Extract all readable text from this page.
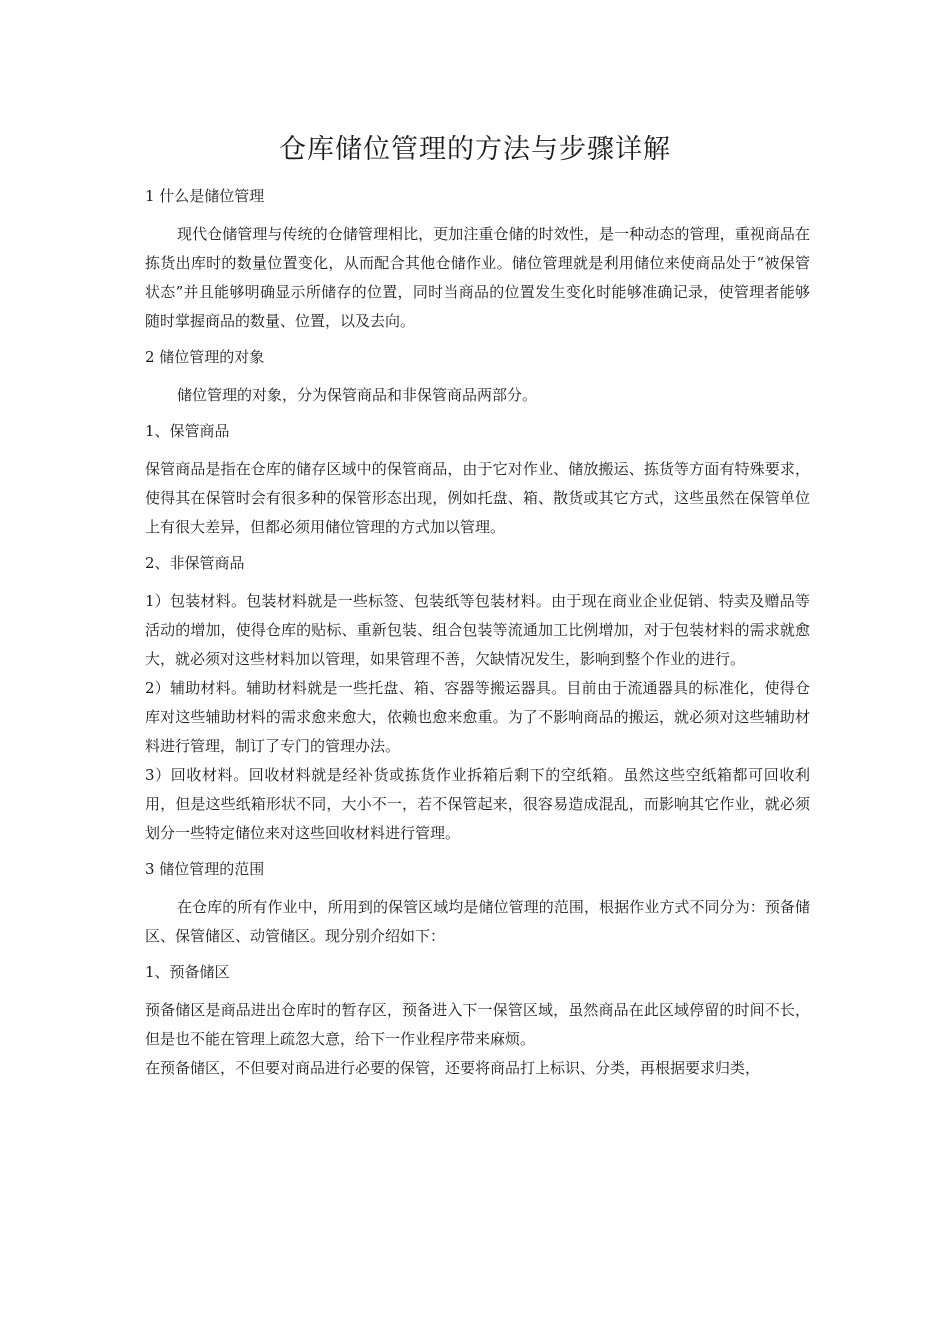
仓库储位管理的方法与步骤详解
1 什么是储位管理
现代仓储管理与传统的仓储管理相比，更加注重仓储的时效性，是一种动态的管理，重视商品在拣货出库时的数量位置变化，从而配合其他仓储作业。储位管理就是利用储位来使商品处于“被保管状态”并且能够明确显示所储存的位置，同时当商品的位置发生变化时能够准确记录，使管理者能够随时掌握商品的数量、位置，以及去向。
2 储位管理的对象
储位管理的对象，分为保管商品和非保管商品两部分。
1、保管商品
保管商品是指在仓库的储存区域中的保管商品，由于它对作业、储放搬运、拣货等方面有特殊要求，使得其在保管时会有很多种的保管形态出现，例如托盘、箱、散货或其它方式，这些虽然在保管单位上有很大差异，但都必须用储位管理的方式加以管理。
2、非保管商品
1）包装材料。包装材料就是一些标签、包装纸等包装材料。由于现在商业企业促销、特卖及赠品等活动的增加，使得仓库的贴标、重新包装、组合包装等流通加工比例增加，对于包装材料的需求就愈大，就必须对这些材料加以管理，如果管理不善，欠缺情况发生，影响到整个作业的进行。
2）辅助材料。辅助材料就是一些托盘、箱、容器等搬运器具。目前由于流通器具的标准化，使得仓库对这些辅助材料的需求愈来愈大，依赖也愈来愈重。为了不影响商品的搬运，就必须对这些辅助材料进行管理，制订了专门的管理办法。
3）回收材料。回收材料就是经补货或拣货作业拆箱后剩下的空纸箱。虽然这些空纸箱都可回收利用，但是这些纸箱形状不同，大小不一，若不保管起来，很容易造成混乱，而影响其它作业，就必须划分一些特定储位来对这些回收材料进行管理。
3 储位管理的范围
在仓库的所有作业中，所用到的保管区域均是储位管理的范围，根据作业方式不同分为：预备储区、保管储区、动管储区。现分别介绍如下：
1、预备储区
预备储区是商品进出仓库时的暂存区，预备进入下一保管区域，虽然商品在此区域停留的时间不长，但是也不能在管理上疏忽大意，给下一作业程序带来麻烦。
在预备储区，不但要对商品进行必要的保管，还要将商品打上标识、分类，再根据要求归类，
